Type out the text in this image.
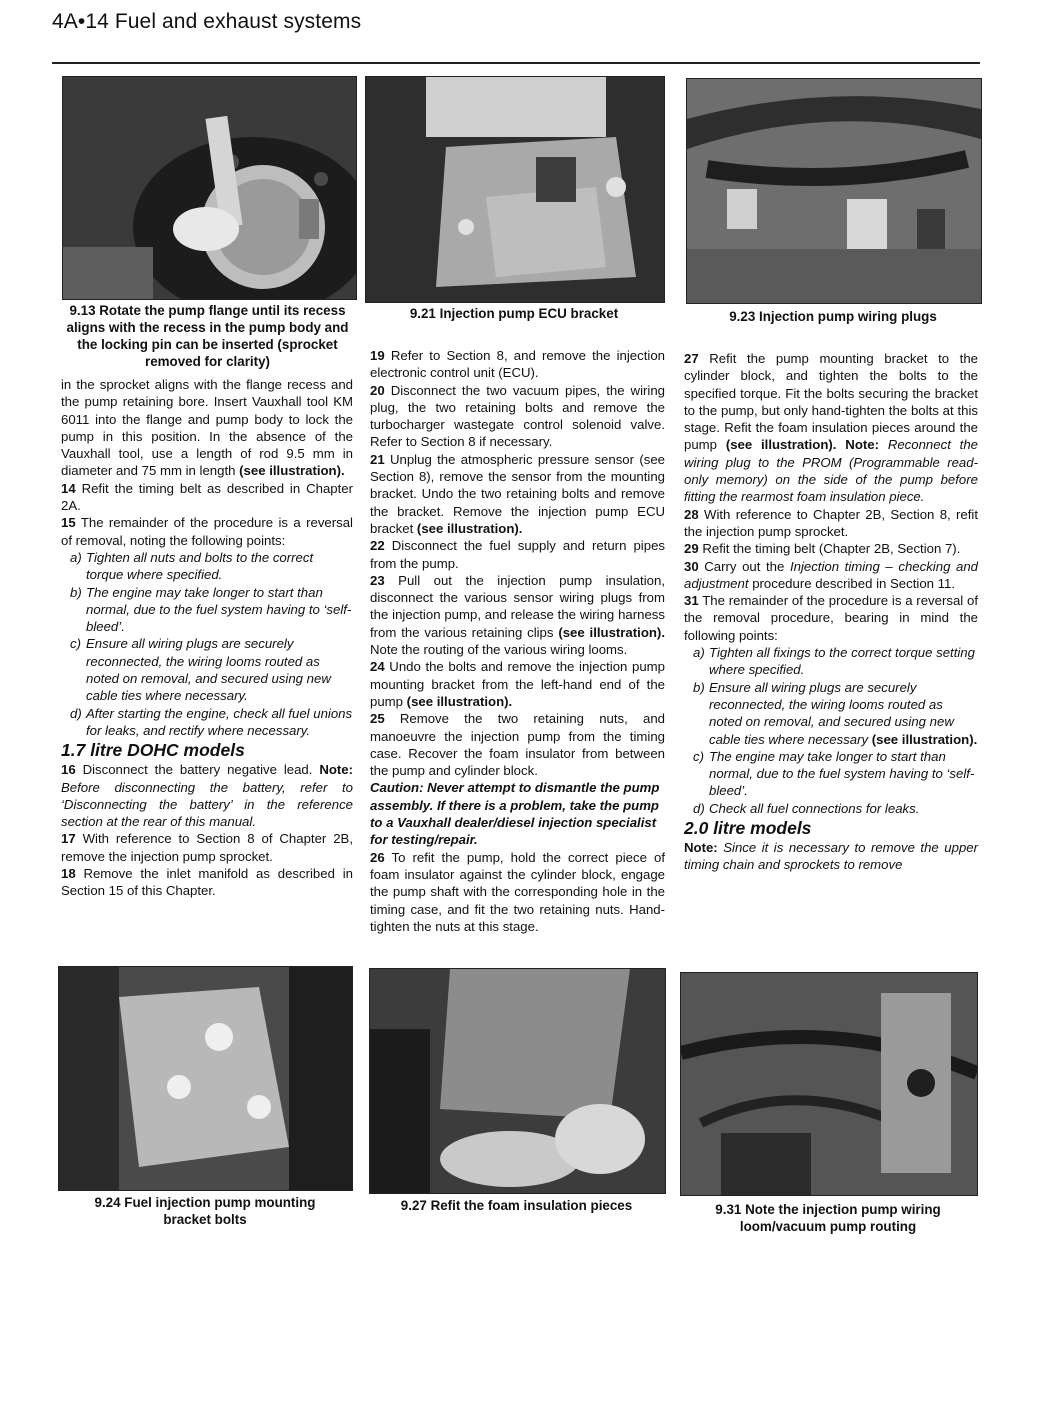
4A•14 Fuel and exhaust systems
9.13 Rotate the pump flange until its recess aligns with the recess in the pump body and the locking pin can be inserted (sprocket removed for clarity)
9.21 Injection pump ECU bracket	9.23 Injection pump wiring plugs

in the sprocket aligns with the flange recess and the pump retaining bore. Insert Vauxhall tool KM 6011 into the flange and pump body to lock the pump in this position. In the absence of the Vauxhall tool, use a length of rod 9.5 mm in diameter and 75 mm in length (see illustration).

14 Refit the timing belt as described in Chapter 2A.

15 The remainder of the procedure is a reversal of removal, noting the following points:

a) Tighten all nuts and bolts to the correct torque where specified.

b) The engine may take longer to start than normal, due to the fuel system having to ‘self-bleed’.

c) Ensure all wiring plugs are securely reconnected, the wiring looms routed as noted on removal, and secured using new cable ties where necessary.

d) After starting the engine, check all fuel unions for leaks, and rectify where necessary.

1.7 litre DOHC models

16 Disconnect the battery negative lead. Note: Before disconnecting the battery, refer to ‘Disconnecting the battery’ in the reference section at the rear of this manual.

17 With reference to Section 8 of Chapter 2B, remove the injection pump sprocket.

18 Remove the inlet manifold as described in Section 15 of this Chapter.

19 Refer to Section 8, and remove the injection electronic control unit (ECU).

20 Disconnect the two vacuum pipes, the wiring plug, the two retaining bolts and remove the turbocharger wastegate control solenoid valve. Refer to Section 8 if necessary.

21 Unplug the atmospheric pressure sensor (see Section 8), remove the sensor from the mounting bracket. Undo the two retaining bolts and remove the bracket. Remove the injection pump ECU bracket (see illustration).

22 Disconnect the fuel supply and return pipes from the pump.

23 Pull out the injection pump insulation, disconnect the various sensor wiring plugs from the injection pump, and release the wiring harness from the various retaining clips (see illustration). Note the routing of the various wiring looms.

24 Undo the bolts and remove the injection pump mounting bracket from the left-hand end of the pump (see illustration).

25 Remove the two retaining nuts, and manoeuvre the injection pump from the timing case. Recover the foam insulator from between the pump and cylinder block.

Caution: Never attempt to dismantle the pump assembly. If there is a problem, take the pump to a Vauxhall dealer/diesel injection specialist for testing/repair.

26 To refit the pump, hold the correct piece of foam insulator against the cylinder block, engage the pump shaft with the corresponding hole in the timing case, and fit the two retaining nuts. Hand-tighten the nuts at this stage.

27 Refit the pump mounting bracket to the cylinder block, and tighten the bolts to the specified torque. Fit the bolts securing the bracket to the pump, but only hand-tighten the bolts at this stage. Refit the foam insulation pieces around the pump (see illustration). Note: Reconnect the wiring plug to the PROM (Programmable read-only memory) on the side of the pump before fitting the rearmost foam insulation piece.

28 With reference to Chapter 2B, Section 8, refit the injection pump sprocket.

29 Refit the timing belt (Chapter 2B, Section 7).

30 Carry out the Injection timing – checking and adjustment procedure described in Section 11.

31 The remainder of the procedure is a reversal of the removal procedure, bearing in mind the following points:

a) Tighten all fixings to the correct torque setting where specified.

b) Ensure all wiring plugs are securely reconnected, the wiring looms routed as noted on removal, and secured using new cable ties where necessary (see illustration).

c) The engine may take longer to start than normal, due to the fuel system having to ‘self-bleed’.

d) Check all fuel connections for leaks.

2.0 litre models

Note: Since it is necessary to remove the upper timing chain and sprockets to remove

9.24 Fuel injection pump mounting bracket bolts
9.27 Refit the foam insulation pieces	9.31 Note the injection pump wiring loom/vacuum pump routing
